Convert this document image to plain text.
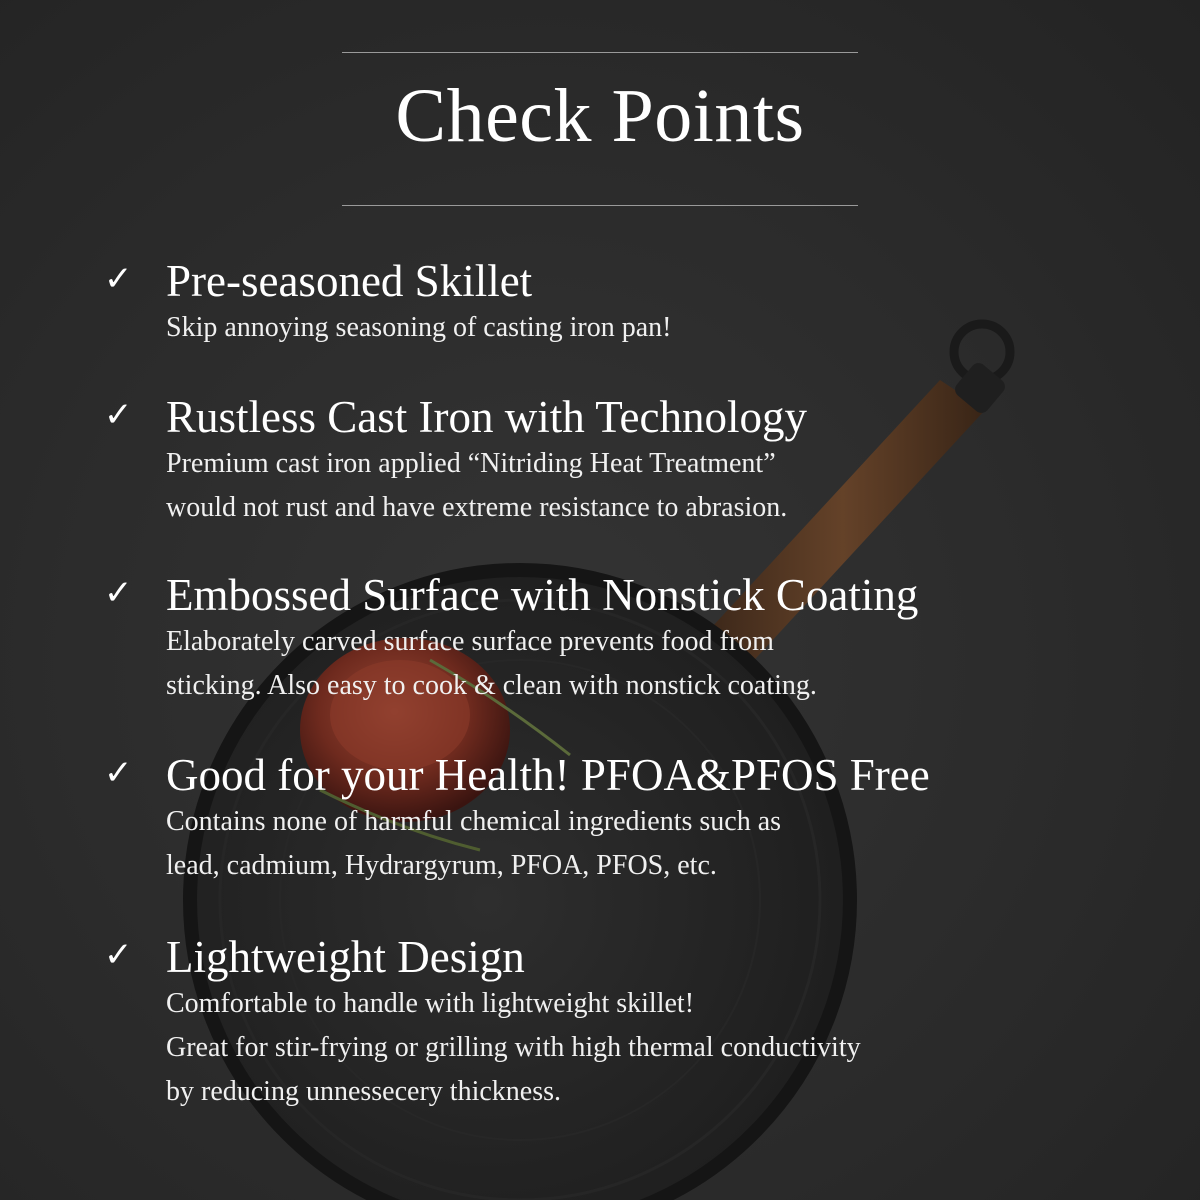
Check Points
✓ Pre-seasoned Skillet

Skip annoying seasoning of casting iron pan!

✓ Rustless Cast Iron with Technology

Premium cast iron applied “Nitriding Heat Treatment”
would not rust and have extreme resistance to abrasion.

✓ Embossed Surface with Nonstick Coating

Elaborately carved surface surface prevents food from
sticking. Also easy to cook & clean with nonstick coating.

✓ Good for your Health! PFOA&PFOS Free

Contains none of harmful chemical ingredients such as
lead, cadmium, Hydrargyrum, PFOA, PFOS, etc.

✓ Lightweight Design

Comfortable to handle with lightweight skillet!
Great for stir-frying or grilling with high thermal conductivity
by reducing unnessecery thickness.
